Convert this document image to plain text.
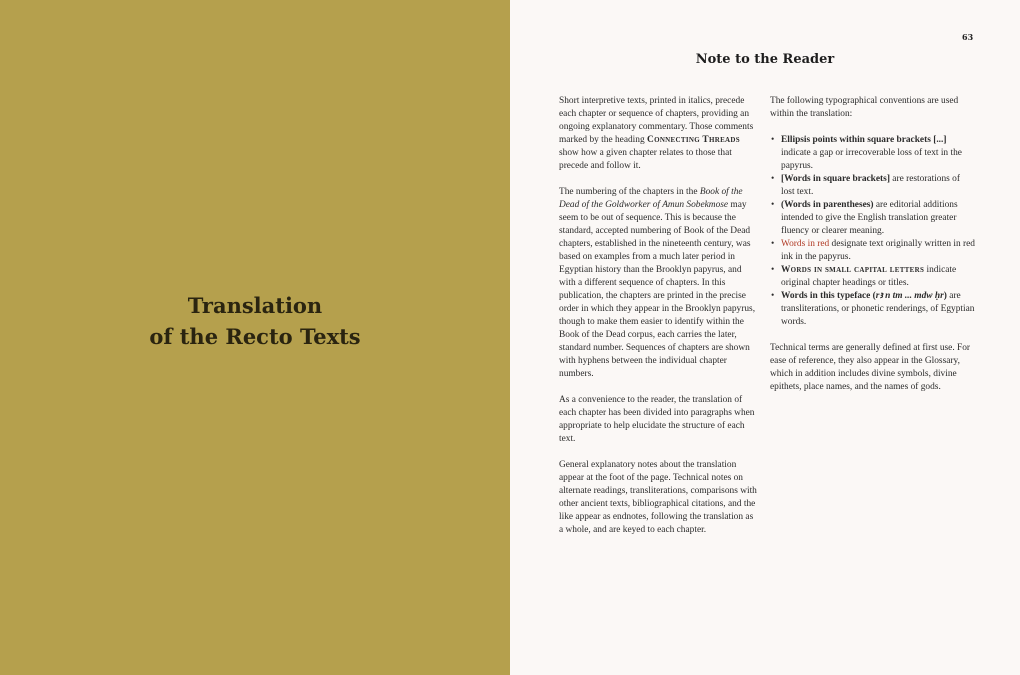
Translation
of the Recto Texts
63
Note to the Reader

Short interpretive texts, printed in italics, precede each chapter or sequence of chapters, providing an ongoing explanatory commentary. Those comments marked by the heading Connecting Threads show how a given chapter relates to those that precede and follow it.

The numbering of the chapters in the Book of the Dead of the Goldworker of Amun Sobekmose may seem to be out of sequence. This is because the standard, accepted numbering of Book of the Dead chapters, established in the nineteenth century, was based on examples from a much later period in Egyptian history than the Brooklyn papyrus, and with a different sequence of chapters. In this publication, the chapters are printed in the precise order in which they appear in the Brooklyn papyrus, though to make them easier to identify within the Book of the Dead corpus, each carries the later, standard number. Sequences of chapters are shown with hyphens between the individual chapter numbers.

As a convenience to the reader, the translation of each chapter has been divided into paragraphs when appropriate to help elucidate the structure of each text.

General explanatory notes about the translation appear at the foot of the page. Technical notes on alternate readings, transliterations, comparisons with other ancient texts, bibliographical citations, and the like appear as endnotes, following the translation as a whole, and are keyed to each chapter.

The following typographical conventions are used within the translation:

• Ellipsis points within square brackets [...] indicate a gap or irrecoverable loss of text in the papyrus.
• [Words in square brackets] are restorations of lost text.
• (Words in parentheses) are editorial additions intended to give the English translation greater fluency or clearer meaning.
• Words in red designate text originally written in red ink in the papyrus.
• Words in small capital letters indicate original chapter headings or titles.
• Words in this typeface (rꜣ n tm ... mdw ḥr) are transliterations, or phonetic renderings, of Egyptian words.

Technical terms are generally defined at first use. For ease of reference, they also appear in the Glossary, which in addition includes divine symbols, divine epithets, place names, and the names of gods.
